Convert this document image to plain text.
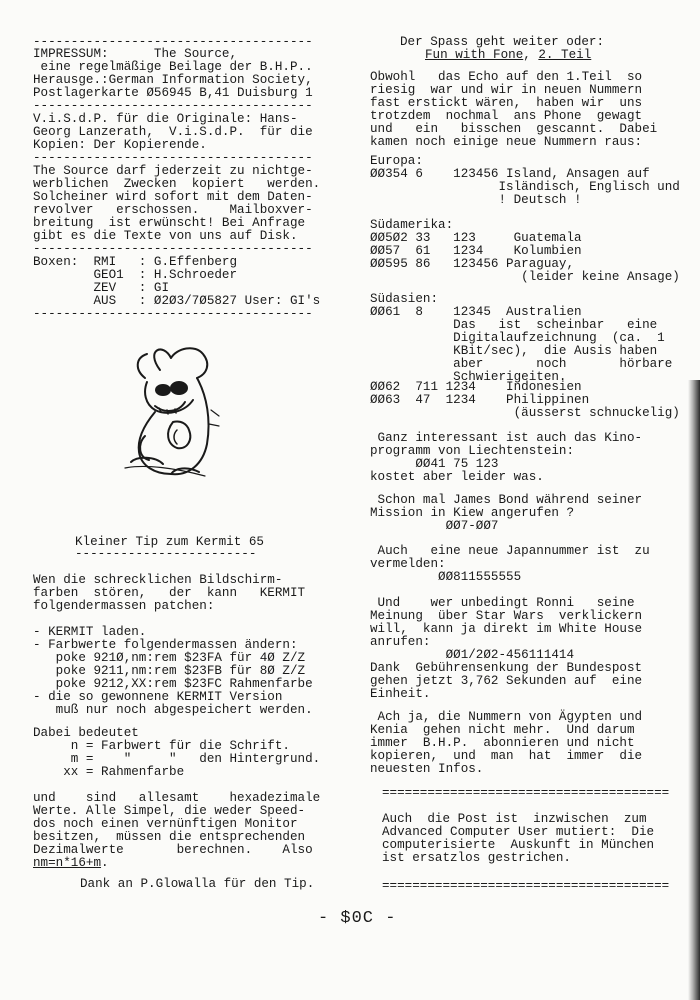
-------------------------------------
IMPRESSUM:      The Source,
eine regelmäßige Beilage der B.H.P..
Herausge.:German Information Society,
Postlagerkarte Ø56945 B,41 Duisburg 1
-------------------------------------
V.i.S.d.P. für die Originale: Hans-
Georg Lanzerath,  V.i.S.d.P.  für die
Kopien: Der Kopierende.
-------------------------------------
The Source darf jederzeit zu nichtge-
werblichen  Zwecken  kopiert   werden.
Solcheiner wird sofort mit dem Daten-
revolver   erschossen.    Mailboxver-
breitung  ist erwünscht! Bei Anfrage
gibt es die Texte von uns auf Disk.
-------------------------------------
Boxen:  RMI   : G.Effenberg
GEO1  : H.Schroeder
ZEV   : GI
AUS   : Ø2Ø3/7Ø5827 User: GI's
-------------------------------------
Kleiner Tip zum Kermit 65
------------------------
Wen die schrecklichen Bildschirm-
farben  stören,   der  kann   KERMIT
folgendermassen patchen:
- KERMIT laden.
- Farbwerte folgendermassen ändern:
poke 921Ø,nm:rem $23FA für 4Ø Z/Z
poke 9211,nm:rem $23FB für 8Ø Z/Z
poke 9212,XX:rem $23FC Rahmenfarbe
- die so gewonnene KERMIT Version
muß nur noch abgespeichert werden.
Dabei bedeutet
n = Farbwert für die Schrift.
m =    "     "   den Hintergrund.
xx = Rahmenfarbe
und    sind   allesamt    hexadezimale
Werte. Alle Simpel, die weder Speed-
dos noch einen vernünftigen Monitor
besitzen,  müssen die entsprechenden
Dezimalwerte       berechnen.    Also
nm=n*16+m.
Dank an P.Glowalla für den Tip.
Der Spass geht weiter oder:
Fun with Fone, 2. Teil
Obwohl   das Echo auf den 1.Teil  so
riesig  war und wir in neuen Nummern
fast erstickt wären,  haben wir  uns
trotzdem  nochmal  ans Phone  gewagt
und   ein   bisschen  gescannt.  Dabei
kamen noch einige neue Nummern raus:
Europa:
ØØ354 6    123456 Island, Ansagen auf
Isländisch, Englisch und
! Deutsch !
Südamerika:
ØØ5Ø2 33   123     Guatemala
ØØ57  61   1234    Kolumbien
ØØ595 86   123456 Paraguay,
(leider keine Ansage)
Südasien:
ØØ61  8    12345  Australien
Das   ist  scheinbar   eine
Digitalaufzeichnung  (ca.  1
KBit/sec),  die Ausis haben
aber       noch       hörbare
Schwierigeiten.
ØØ62  711 1234    Indonesien
ØØ63  47  1234    Philippinen
(äusserst schnuckelig)
Ganz interessant ist auch das Kino-
programm von Liechtenstein:
ØØ41 75 123
kostet aber leider was.
Schon mal James Bond während seiner
Mission in Kiew angerufen ?
ØØ7-ØØ7
Auch   eine neue Japannummer ist  zu
vermelden:
ØØ811555555
Und    wer unbedingt Ronni   seine
Meinung  über Star Wars  verklickern
will,  kann ja direkt im White House
anrufen:
ØØ1/2Ø2-456111414
Dank  Gebührensenkung der Bundespost
gehen jetzt 3,762 Sekunden auf  eine
Einheit.
Ach ja, die Nummern von Ägypten und
Kenia  gehen nicht mehr.  Und darum
immer  B.H.P.  abonnieren und nicht
kopieren,  und  man  hat  immer  die
neuesten Infos.
======================================
Auch  die Post ist  inzwischen  zum
Advanced Computer User mutiert:  Die
computerisierte  Auskunft in München
ist ersatzlos gestrichen.
======================================
- $0C -
